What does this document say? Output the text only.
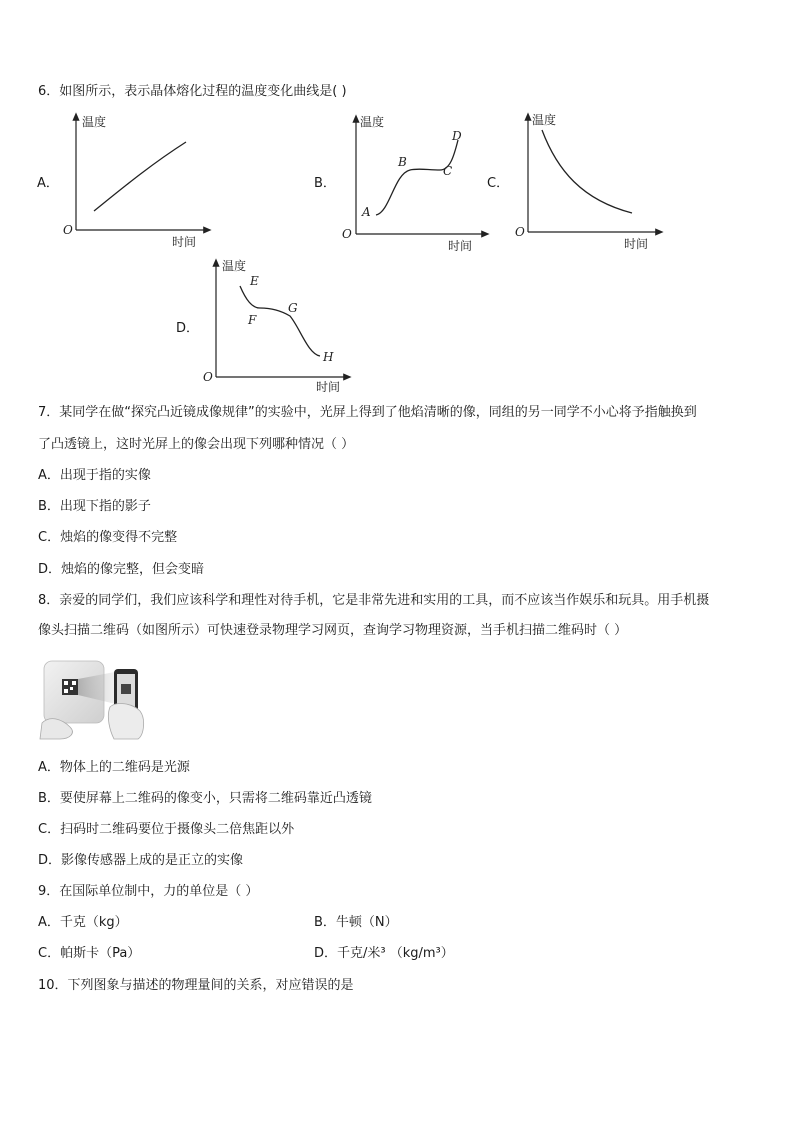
6．如图所示，表示晶体熔化过程的温度变化曲线是( )
A．	B．	C．
D．
温度
时间
O
温度
时间
O
A
B
C
D
温度
时间
O
温度
时间
O
E
F
G
H
7．某同学在做“探究凸近镜成像规律”的实验中，光屏上得到了他焰清晰的像，同组的另一同学不小心将予指触换到
了凸透镜上，这时光屏上的像会出现下列哪种情况（ ）
A．出现于指的实像
B．出现下指的影子
C．烛焰的像变得不完整
D．烛焰的像完整，但会变暗
8．亲爱的同学们，我们应该科学和理性对待手机，它是非常先进和实用的工具，而不应该当作娱乐和玩具。用手机摄
像头扫描二维码（如图所示）可快速登录物理学习网页，查询学习物理资源，当手机扫描二维码时（ ）
A．物体上的二维码是光源
B．要使屏幕上二维码的像变小，只需将二维码靠近凸透镜
C．扫码时二维码要位于摄像头二倍焦距以外
D．影像传感器上成的是正立的实像
9．在国际单位制中，力的单位是（ ）
A．千克（kg）	B．牛顿（N）
C．帕斯卡（Pa）	D．千克/米³ （kg/m³）
10．下列图象与描述的物理量间的关系，对应错误的是
